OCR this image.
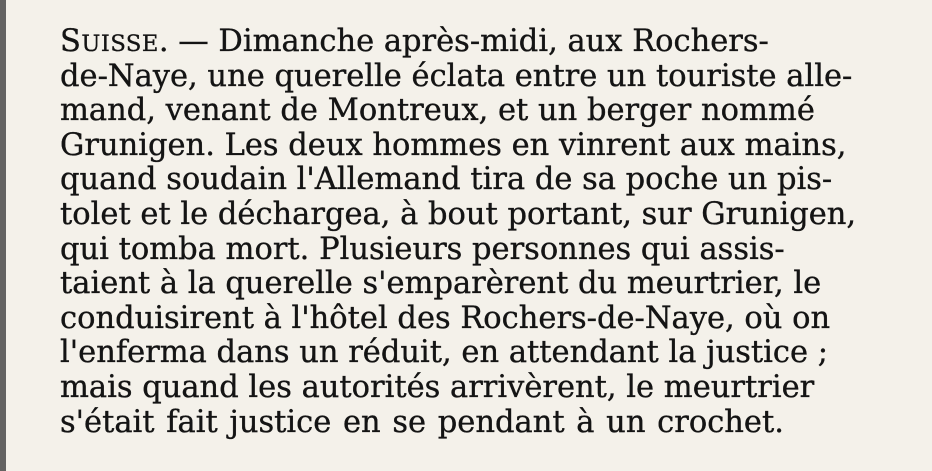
SUISSE. — Dimanche après-midi, aux Rochers-
de-Naye, une querelle éclata entre un touriste alle-
mand, venant de Montreux, et un berger nommé
Grunigen. Les deux hommes en vinrent aux mains,
quand soudain l'Allemand tira de sa poche un pis-
tolet et le déchargea, à bout portant, sur Grunigen,
qui tomba mort. Plusieurs personnes qui assis-
taient à la querelle s'emparèrent du meurtrier, le
conduisirent à l'hôtel des Rochers-de-Naye, où on
l'enferma dans un réduit, en attendant la justice ;
mais quand les autorités arrivèrent, le meurtrier
s'était fait justice en se pendant à un crochet.
